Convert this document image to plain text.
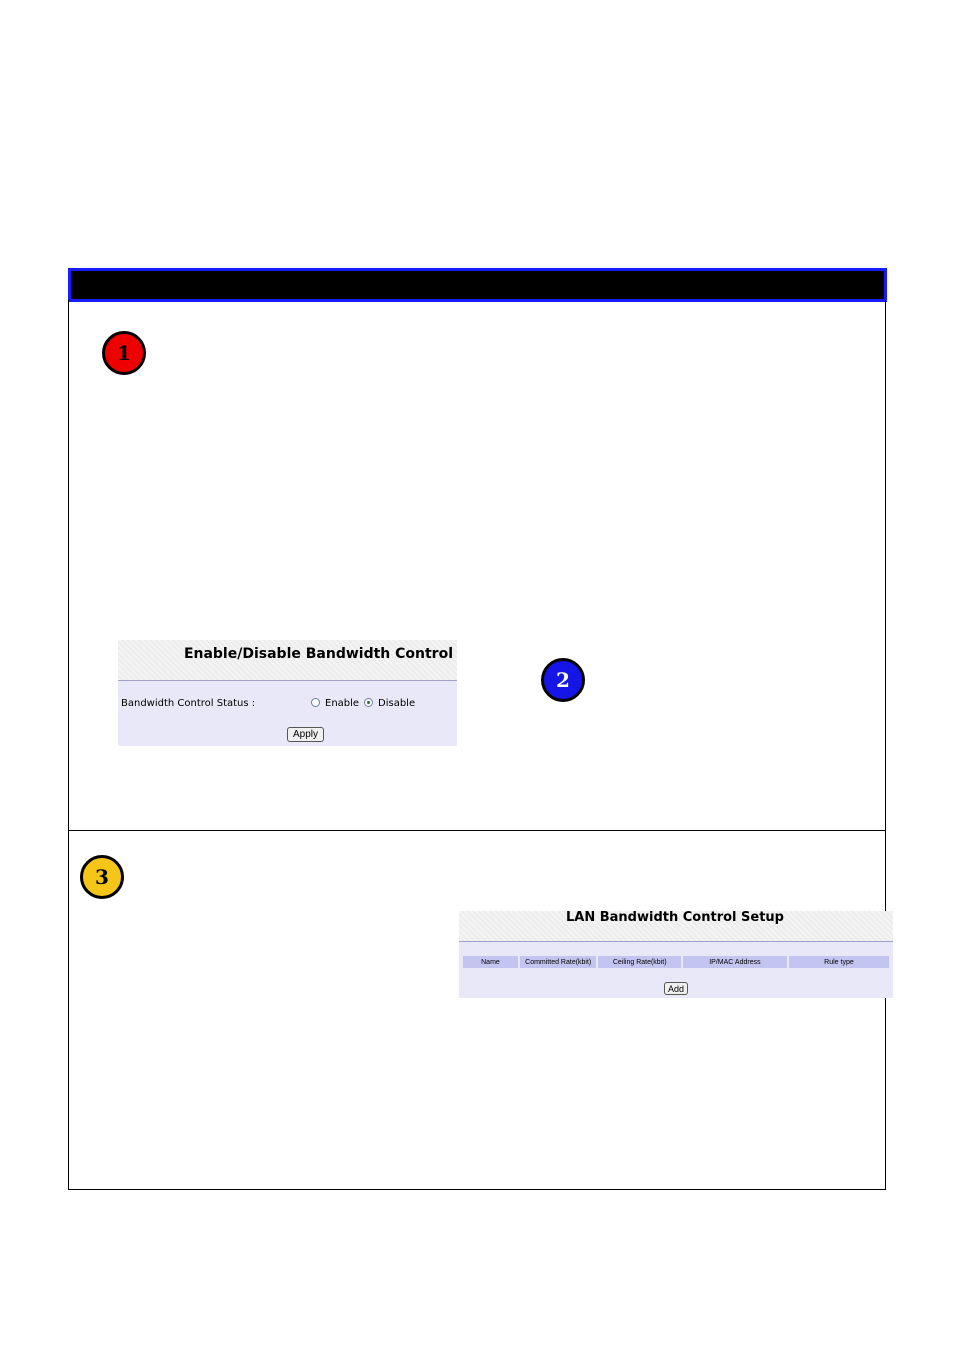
1
2
3
Enable/Disable Bandwidth Control
Bandwidth Control Status :	Enable Disable
Apply
LAN Bandwidth Control Setup
Name	Committed Rate(kbit)	Ceiling Rate(kbit)	IP/MAC Address	Rule type
Add
